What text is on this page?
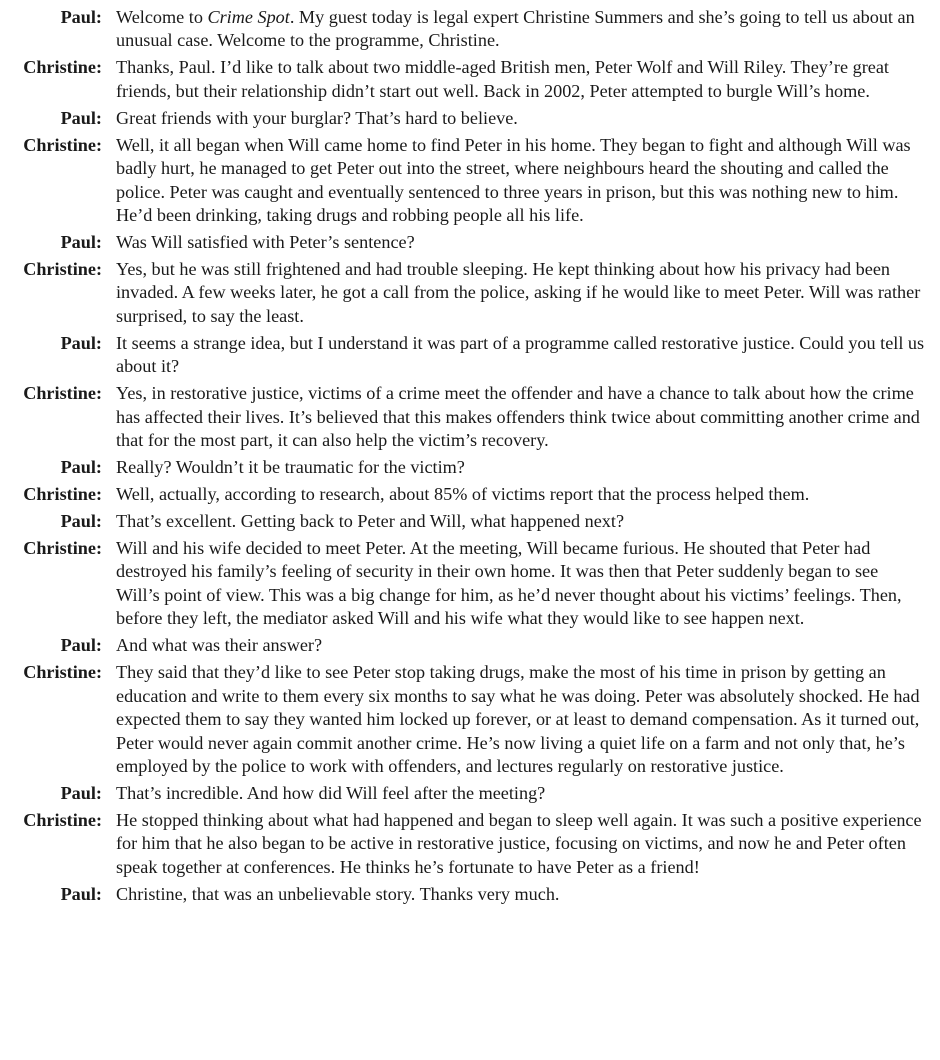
Paul: Welcome to Crime Spot. My guest today is legal expert Christine Summers and she’s going to tell us about an unusual case. Welcome to the programme, Christine.
Christine: Thanks, Paul. I’d like to talk about two middle-aged British men, Peter Wolf and Will Riley. They’re great friends, but their relationship didn’t start out well. Back in 2002, Peter attempted to burgle Will’s home.
Paul: Great friends with your burglar? That’s hard to believe.
Christine: Well, it all began when Will came home to find Peter in his home. They began to fight and although Will was badly hurt, he managed to get Peter out into the street, where neighbours heard the shouting and called the police. Peter was caught and eventually sentenced to three years in prison, but this was nothing new to him. He’d been drinking, taking drugs and robbing people all his life.
Paul: Was Will satisfied with Peter’s sentence?
Christine: Yes, but he was still frightened and had trouble sleeping. He kept thinking about how his privacy had been invaded. A few weeks later, he got a call from the police, asking if he would like to meet Peter. Will was rather surprised, to say the least.
Paul: It seems a strange idea, but I understand it was part of a programme called restorative justice. Could you tell us about it?
Christine: Yes, in restorative justice, victims of a crime meet the offender and have a chance to talk about how the crime has affected their lives. It’s believed that this makes offenders think twice about committing another crime and that for the most part, it can also help the victim’s recovery.
Paul: Really? Wouldn’t it be traumatic for the victim?
Christine: Well, actually, according to research, about 85% of victims report that the process helped them.
Paul: That’s excellent. Getting back to Peter and Will, what happened next?
Christine: Will and his wife decided to meet Peter. At the meeting, Will became furious. He shouted that Peter had destroyed his family’s feeling of security in their own home. It was then that Peter suddenly began to see Will’s point of view. This was a big change for him, as he’d never thought about his victims’ feelings. Then, before they left, the mediator asked Will and his wife what they would like to see happen next.
Paul: And what was their answer?
Christine: They said that they’d like to see Peter stop taking drugs, make the most of his time in prison by getting an education and write to them every six months to say what he was doing. Peter was absolutely shocked. He had expected them to say they wanted him locked up forever, or at least to demand compensation. As it turned out, Peter would never again commit another crime. He’s now living a quiet life on a farm and not only that, he’s employed by the police to work with offenders, and lectures regularly on restorative justice.
Paul: That’s incredible. And how did Will feel after the meeting?
Christine: He stopped thinking about what had happened and began to sleep well again. It was such a positive experience for him that he also began to be active in restorative justice, focusing on victims, and now he and Peter often speak together at conferences. He thinks he’s fortunate to have Peter as a friend!
Paul: Christine, that was an unbelievable story. Thanks very much.
